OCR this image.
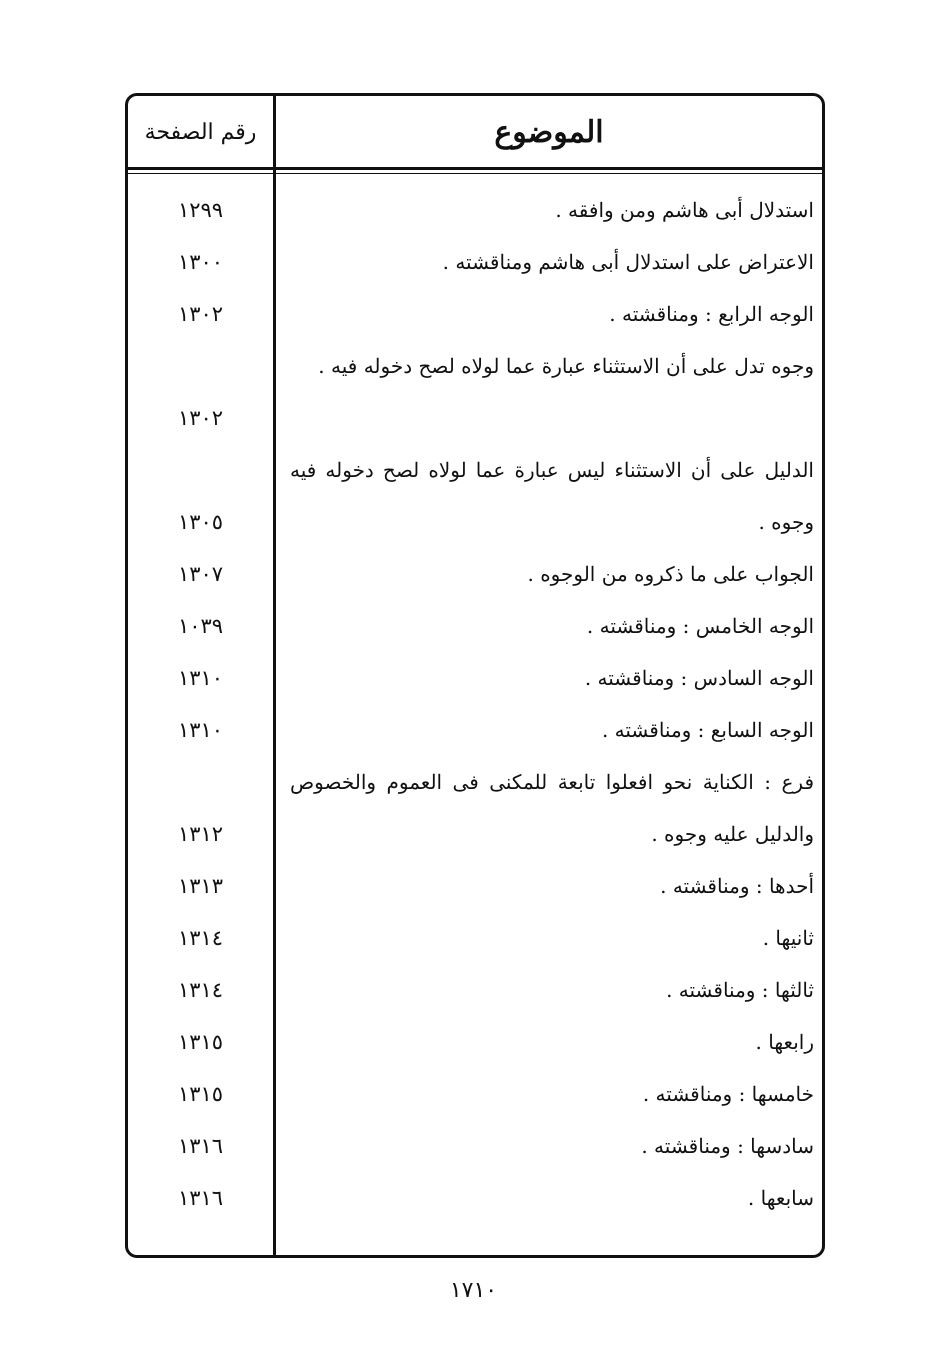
الموضوع
رقم الصفحة
استدلال أبى هاشم ومن وافقه .
١٢٩٩
الاعتراض على استدلال أبى هاشم ومناقشته .
١٣٠٠
الوجه الرابع : ومناقشته .
١٣٠٢
وجوه تدل على أن الاستثناء عبارة عما لولاه لصح دخوله فيه .
١٣٠٢
الدليل على أن الاستثناء ليس عبارة عما لولاه لصح دخوله فيه وجوه .
١٣٠٥
الجواب على ما ذكروه من الوجوه .
١٣٠٧
الوجه الخامس : ومناقشته .
١٠٣٩
الوجه السادس : ومناقشته .
١٣١٠
الوجه السابع : ومناقشته .
١٣١٠
فرع : الكناية نحو افعلوا تابعة للمكنى فى العموم والخصوص والدليل عليه وجوه .
١٣١٢
أحدها : ومناقشته .
١٣١٣
ثانيها .
١٣١٤
ثالثها : ومناقشته .
١٣١٤
رابعها .
١٣١٥
خامسها : ومناقشته .
١٣١٥
سادسها : ومناقشته .
١٣١٦
سابعها .
١٣١٦
١٧١٠
